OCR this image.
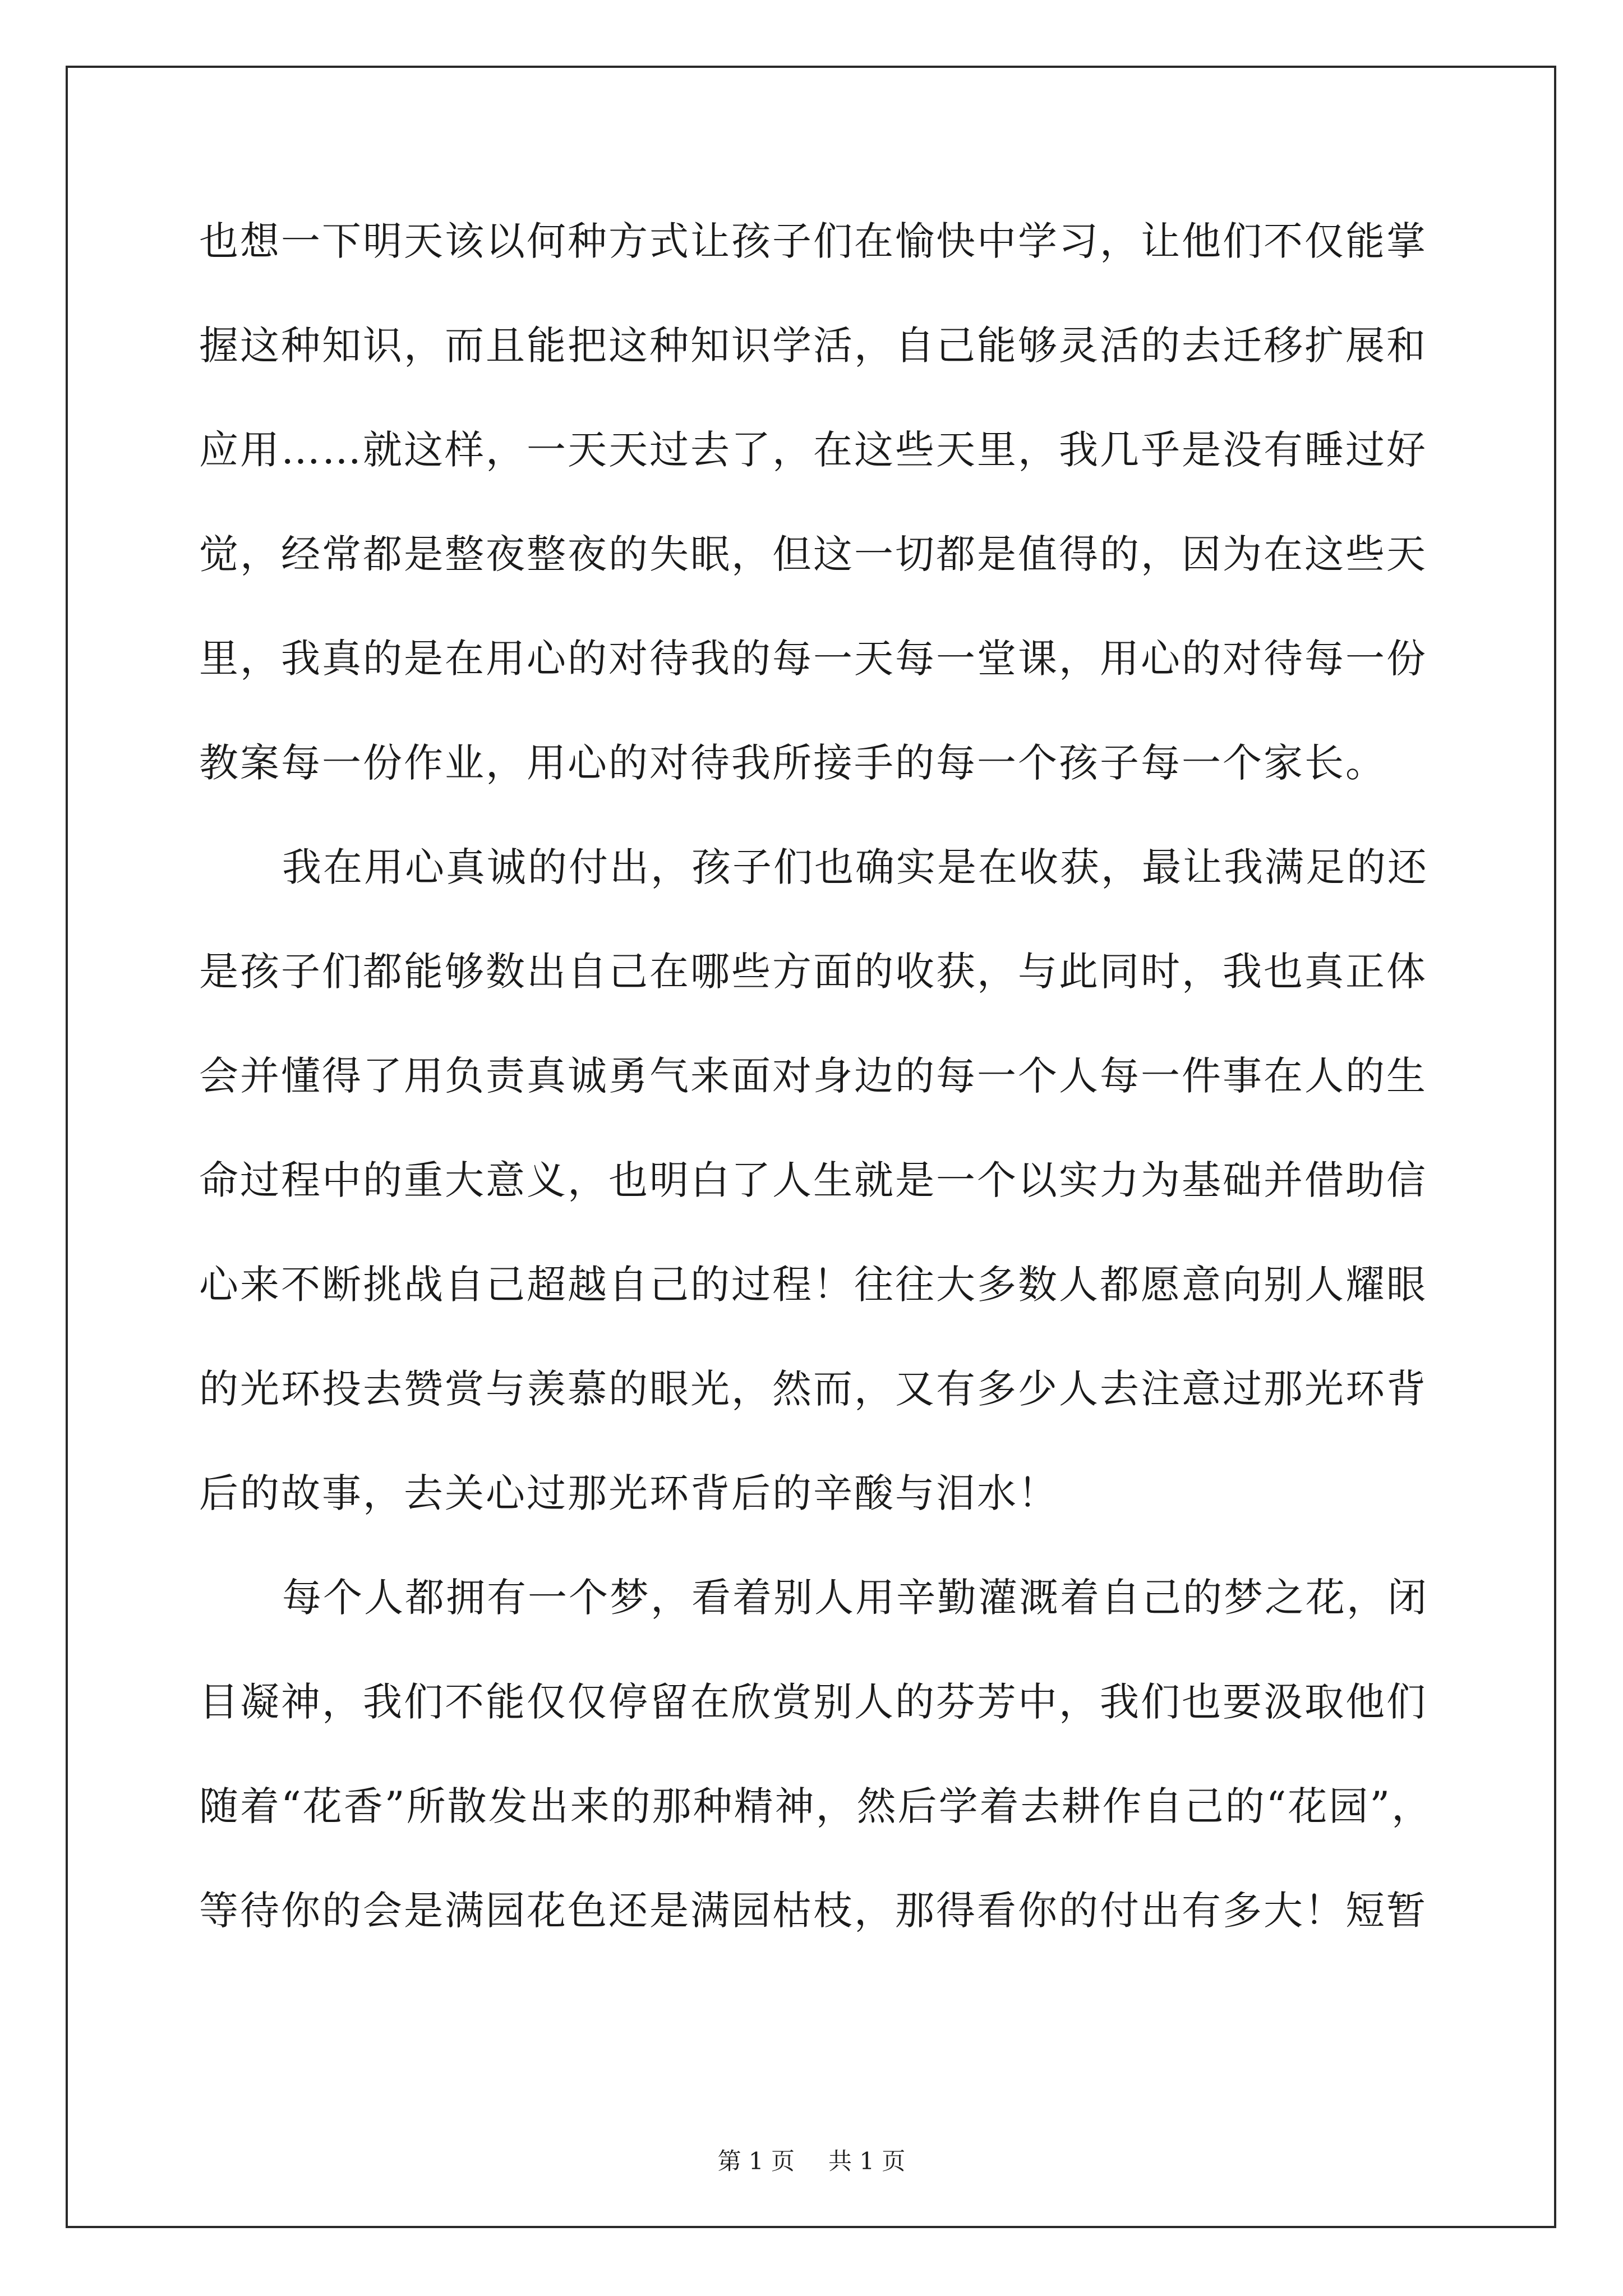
也想一下明天该以何种方式让孩子们在愉快中学习，让他们不仅能掌
握这种知识，而且能把这种知识学活，自己能够灵活的去迁移扩展和
应用……就这样，一天天过去了，在这些天里，我几乎是没有睡过好
觉，经常都是整夜整夜的失眠，但这一切都是值得的，因为在这些天
里，我真的是在用心的对待我的每一天每一堂课，用心的对待每一份
教案每一份作业，用心的对待我所接手的每一个孩子每一个家长。
我在用心真诚的付出，孩子们也确实是在收获，最让我满足的还
是孩子们都能够数出自己在哪些方面的收获，与此同时，我也真正体
会并懂得了用负责真诚勇气来面对身边的每一个人每一件事在人的生
命过程中的重大意义，也明白了人生就是一个以实力为基础并借助信
心来不断挑战自己超越自己的过程！往往大多数人都愿意向别人耀眼
的光环投去赞赏与羡慕的眼光，然而，又有多少人去注意过那光环背
后的故事，去关心过那光环背后的辛酸与泪水！
每个人都拥有一个梦，看着别人用辛勤灌溉着自己的梦之花，闭
目凝神，我们不能仅仅停留在欣赏别人的芬芳中，我们也要汲取他们
随着“花香”所散发出来的那种精神，然后学着去耕作自己的“花园”，
等待你的会是满园花色还是满园枯枝，那得看你的付出有多大！短暂
第 1 页 共 1 页
